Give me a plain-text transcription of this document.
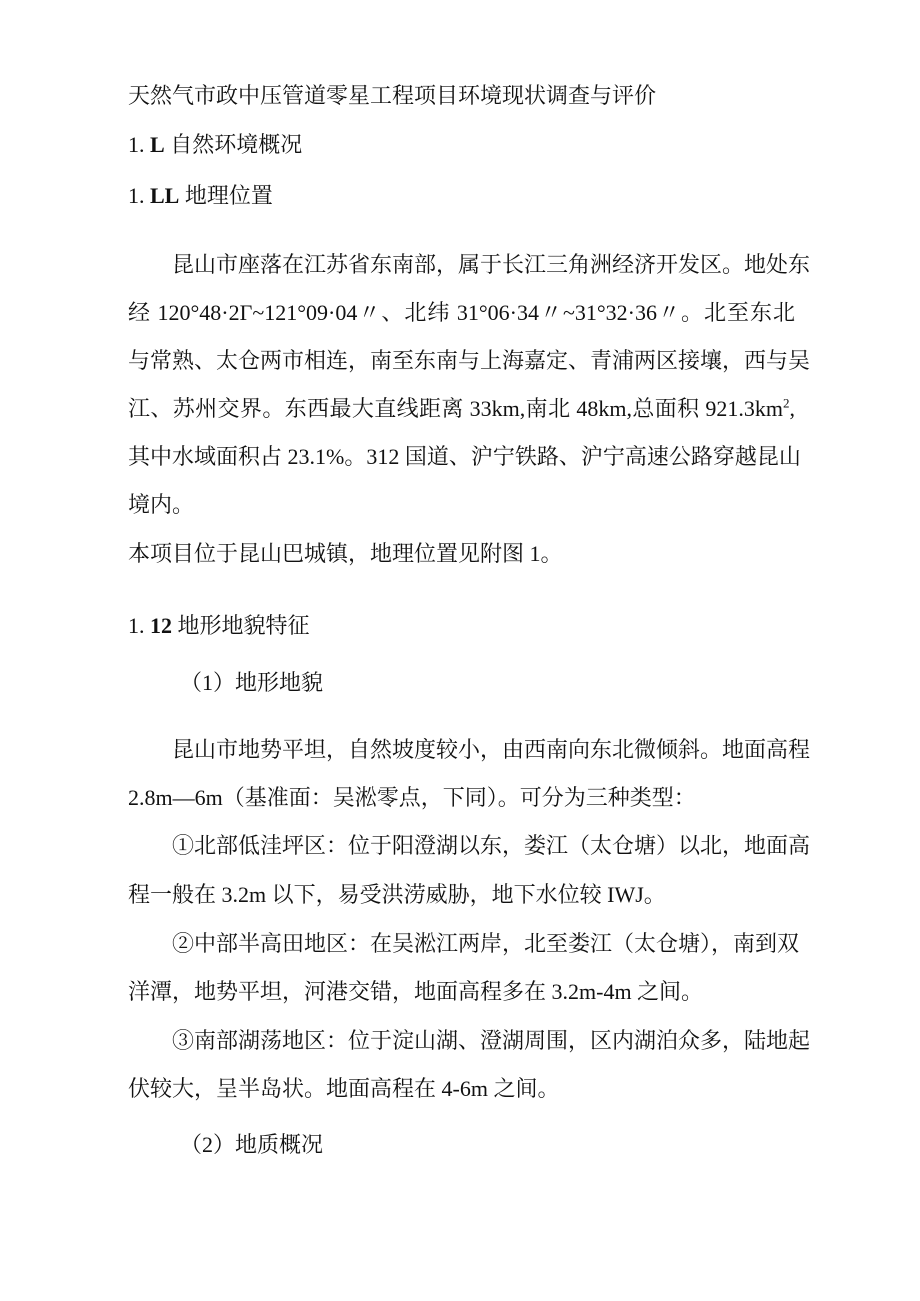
天然气市政中压管道零星工程项目环境现状调查与评价
1. L 自然环境概况
1. LL 地理位置
昆山市座落在江苏省东南部，属于长江三角洲经济开发区。地处东
经 120°48·2Γ~121°09·04〃、北纬 31°06·34〃~31°32·36〃。北至东北
与常熟、太仓两市相连，南至东南与上海嘉定、青浦两区接壤，西与吴
江、苏州交界。东西最大直线距离 33km,南北 48km,总面积 $921.3km^2$,
其中水域面积占 23.1%。312 国道、沪宁铁路、沪宁高速公路穿越昆山
境内。
本项目位于昆山巴城镇，地理位置见附图 1。
1. 12 地形地貌特征
（1）地形地貌
昆山市地势平坦，自然坡度较小，由西南向东北微倾斜。地面高程
2.8m—6m（基准面：吴淞零点，下同）。可分为三种类型：
①北部低洼坪区：位于阳澄湖以东，娄江（太仓塘）以北，地面高
程一般在 3.2m 以下，易受洪涝威胁，地下水位较 IWJ。
②中部半高田地区：在吴淞江两岸，北至娄江（太仓塘），南到双
洋潭，地势平坦，河港交错，地面高程多在 3.2m-4m 之间。
③南部湖荡地区：位于淀山湖、澄湖周围，区内湖泊众多，陆地起
伏较大，呈半岛状。地面高程在 4-6m 之间。
（2）地质概况
